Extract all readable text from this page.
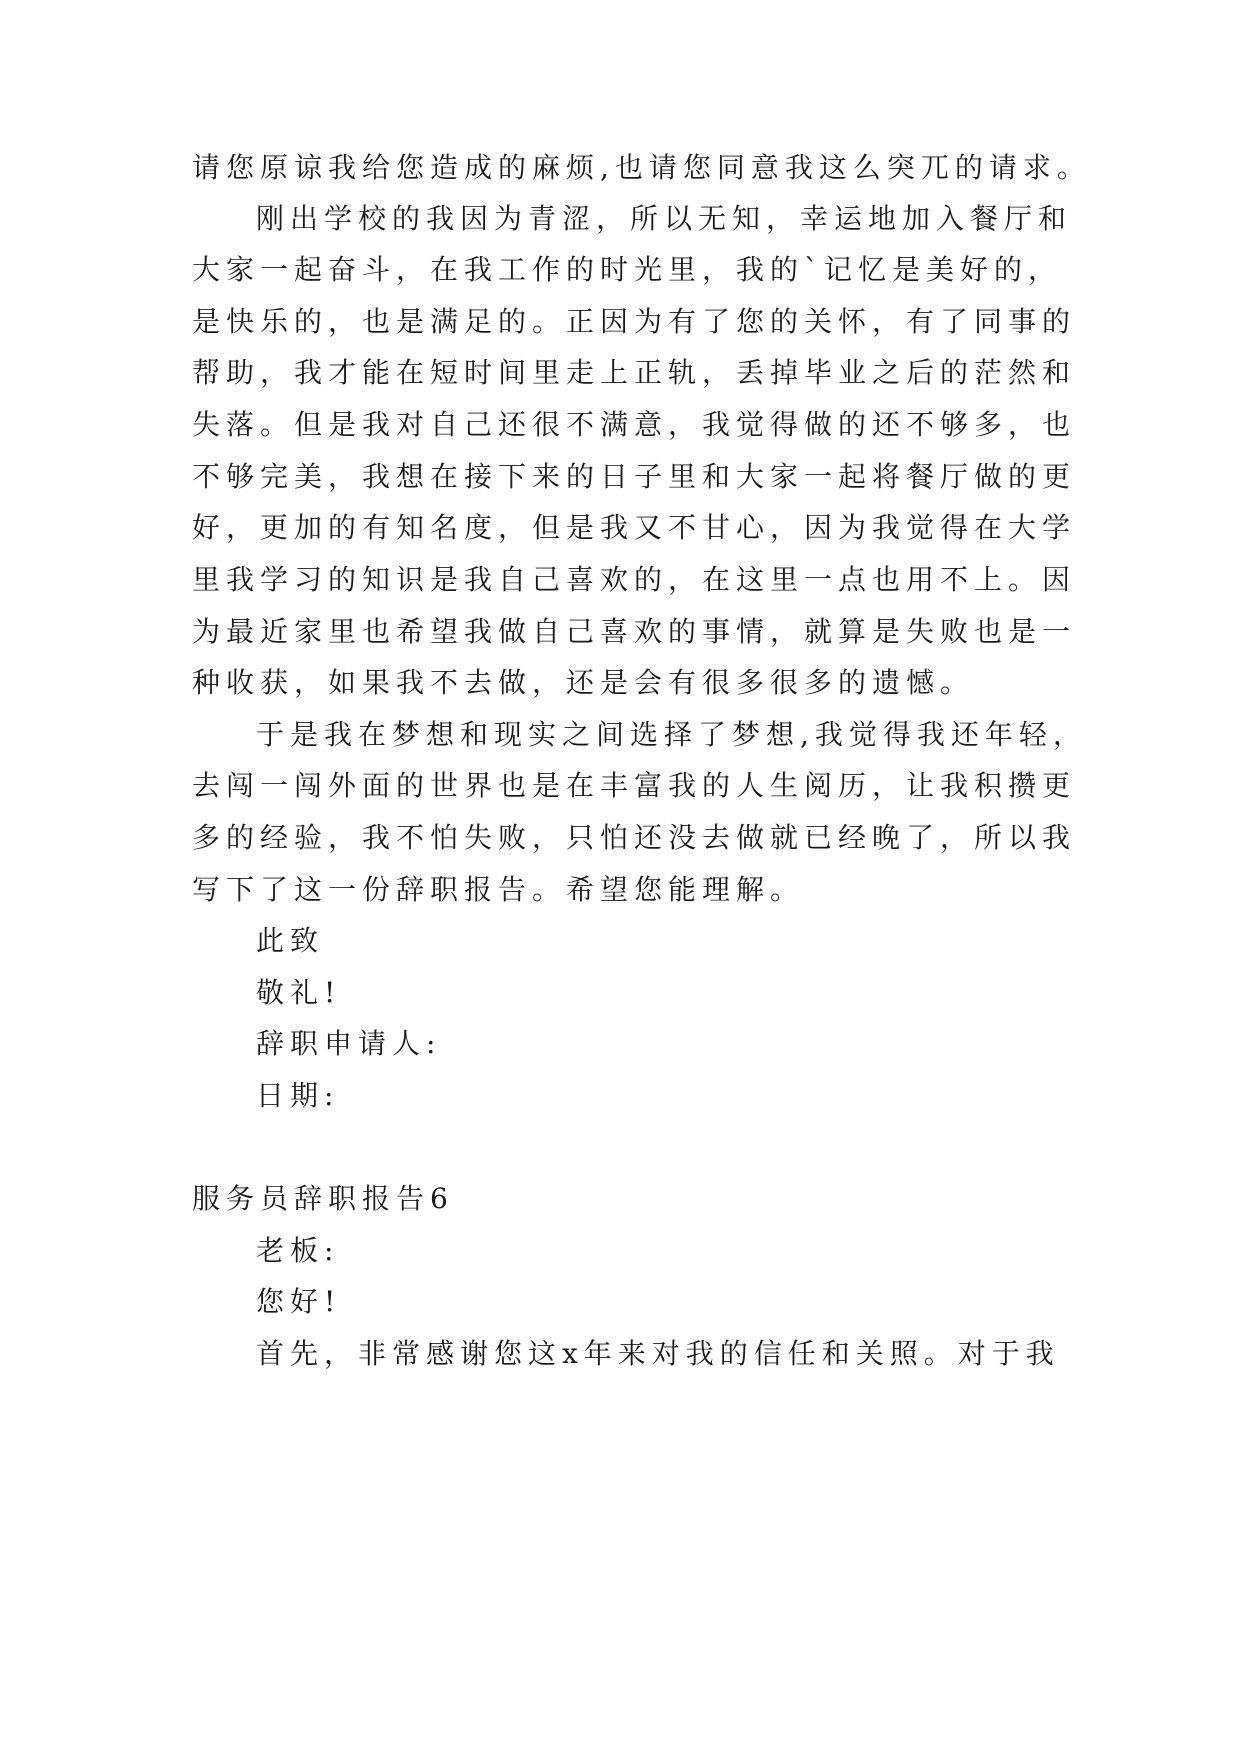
请您原谅我给您造成的麻烦,也请您同意我这么突兀的请求。
刚出学校的我因为青涩，所以无知，幸运地加入餐厅和
大家一起奋斗，在我工作的时光里，我的`记忆是美好的，
是快乐的，也是满足的。正因为有了您的关怀，有了同事的
帮助，我才能在短时间里走上正轨，丢掉毕业之后的茫然和
失落。但是我对自己还很不满意，我觉得做的还不够多，也
不够完美，我想在接下来的日子里和大家一起将餐厅做的更
好，更加的有知名度，但是我又不甘心，因为我觉得在大学
里我学习的知识是我自己喜欢的，在这里一点也用不上。因
为最近家里也希望我做自己喜欢的事情，就算是失败也是一
种收获，如果我不去做，还是会有很多很多的遗憾。
于是我在梦想和现实之间选择了梦想,我觉得我还年轻，
去闯一闯外面的世界也是在丰富我的人生阅历，让我积攒更
多的经验，我不怕失败，只怕还没去做就已经晚了，所以我
写下了这一份辞职报告。希望您能理解。
此致
敬礼!
辞职申请人:
日期:
服务员辞职报告6
老板:
您好!
首先，非常感谢您这x年来对我的信任和关照。对于我
